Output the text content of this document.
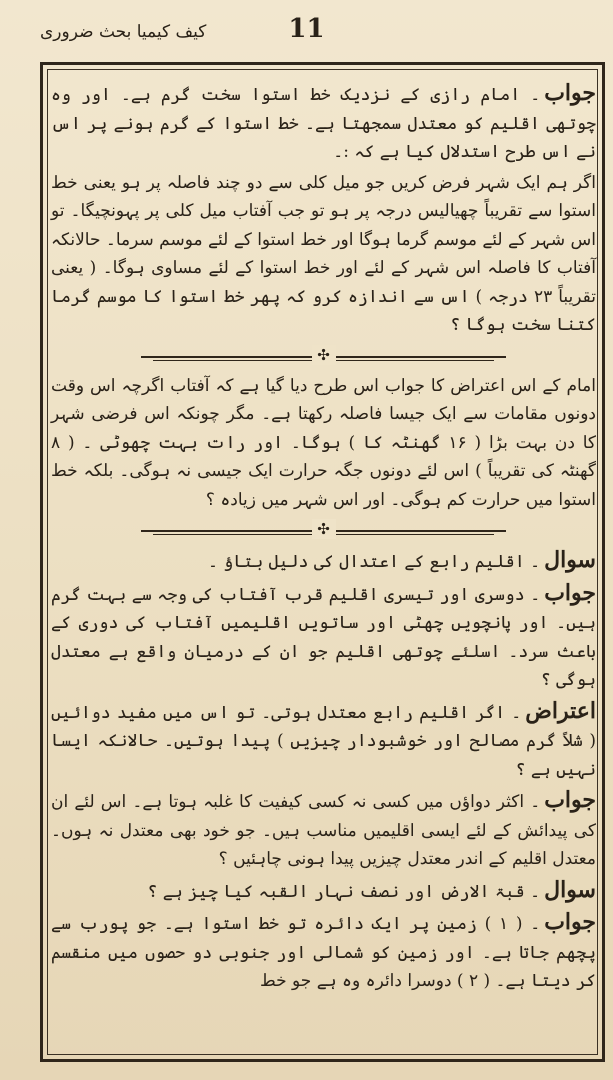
11
کیف کیمیا بحث ضروری

جواب۔ امام رازی کے نزدیک خط استوا سخت گرم ہے۔ اور وہ چوتھی اقلیم کو معتدل سمجھتا ہے۔ خط استوا کے گرم ہونے پر اس نے اس طرح استدلال کیا ہے کہ :۔

اگر ہم ایک شہر فرض کریں جو میل کلی سے دو چند فاصلہ پر ہو یعنی خط استوا سے تقریباً چھیالیس درجہ پر ہو تو جب آفتاب میل کلی پر پہونچیگا۔ تو اس شہر کے لئے موسم گرما ہوگا اور خط استوا کے لئے موسم سرما۔ حالانکہ آفتاب کا فاصلہ اس شہر کے لئے اور خط استوا کے لئے مساوی ہوگا۔ ( یعنی تقریباً ۲۳ درجہ ) اس سے اندازہ کرو کہ پھر خط استوا کا موسم گرما کتنا سخت ہوگا ؟

✣

امام کے اس اعتراض کا جواب اس طرح دیا گیا ہے کہ آفتاب اگرچہ اس وقت دونوں مقامات سے ایک جیسا فاصلہ رکھتا ہے۔ مگر چونکہ اس فرضی شہر کا دن بہت بڑا ( ۱۶ گھنٹہ کا ) ہوگا۔ اور رات بہت چھوٹی ۔ ( ۸ گھنٹہ کی تقریباً ) اس لئے دونوں جگہ حرارت ایک جیسی نہ ہوگی۔ بلکہ خط استوا میں حرارت کم ہوگی۔ اور اس شہر میں زیادہ ؟

✣

سوال۔ اقلیم رابع کے اعتدال کی دلیل بتاؤ ۔

جواب۔ دوسری اور تیسری اقلیم قرب آفتاب کی وجہ سے بہت گرم ہیں۔ اور پانچویں چھٹی اور ساتویں اقلیمیں آفتاب کی دوری کے باعث سرد۔ اسلئے چوتھی اقلیم جو ان کے درمیان واقع ہے معتدل ہوگی ؟

اعتراض۔ اگر اقلیم رابع معتدل ہوتی۔ تو اس میں مفید دوائیں ( شلاً گرم مصالح اور خوشبودار چیزیں ) پیدا ہوتیں۔ حالانکہ ایسا نہیں ہے ؟

جواب۔ اکثر دواؤں میں کسی نہ کسی کیفیت کا غلبہ ہوتا ہے۔ اس لئے ان کی پیدائش کے لئے ایسی اقلیمیں مناسب ہیں۔ جو خود بھی معتدل نہ ہوں۔ معتدل اقلیم کے اندر معتدل چیزیں پیدا ہونی چاہئیں ؟

سوال۔ قبۃ الارض اور نصف نہار القبہ کیا چیز ہے ؟

جواب۔ ( ۱ ) زمین پر ایک دائرہ تو خط استوا ہے۔ جو پورب سے پچھم جاتا ہے۔ اور زمین کو شمالی اور جنوبی دو حصوں میں منقسم کر دیتا ہے۔ ( ۲ ) دوسرا دائرہ وہ ہے جو خط
